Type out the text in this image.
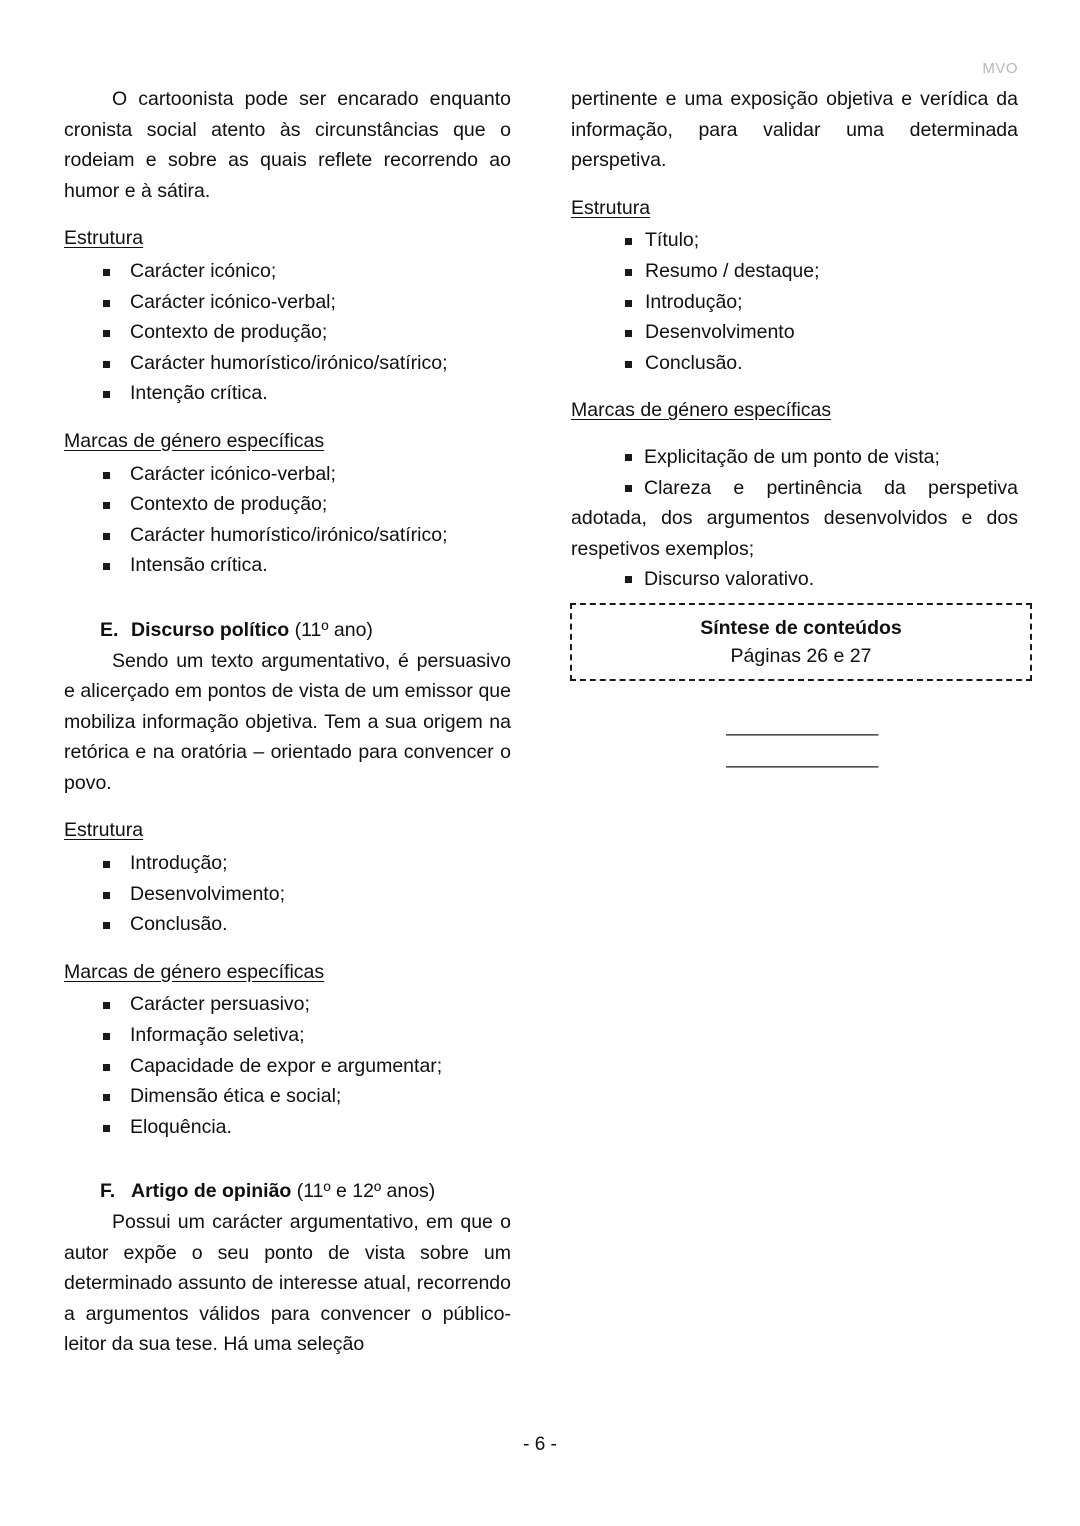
MVO

O cartoonista pode ser encarado enquanto cronista social atento às circunstâncias que o rodeiam e sobre as quais reflete recorrendo ao humor e à sátira.

Estrutura
Carácter icónico;
Carácter icónico-verbal;
Contexto de produção;
Carácter humorístico/irónico/satírico;
Intenção crítica.
Marcas de género específicas
Carácter icónico-verbal;
Contexto de produção;
Carácter humorístico/irónico/satírico;
Intensão crítica.

E. Discurso político (11º ano)

Sendo um texto argumentativo, é persuasivo e alicerçado em pontos de vista de um emissor que mobiliza informação objetiva. Tem a sua origem na retórica e na oratória – orientado para convencer o povo.

Estrutura
Introdução;
Desenvolvimento;
Conclusão.
Marcas de género específicas
Carácter persuasivo;
Informação seletiva;
Capacidade de expor e argumentar;
Dimensão ética e social;
Eloquência.

F. Artigo de opinião (11º e 12º anos)

Possui um carácter argumentativo, em que o autor expõe o seu ponto de vista sobre um determinado assunto de interesse atual, recorrendo a argumentos válidos para convencer o público-leitor da sua tese. Há uma seleção

pertinente e uma exposição objetiva e verídica da informação, para validar uma determinada perspetiva.

Estrutura
Título;
Resumo / destaque;
Introdução;
Desenvolvimento
Conclusão.
Marcas de género específicas

Explicitação de um ponto de vista;

Clareza e pertinência da perspetiva adotada, dos argumentos desenvolvidos e dos respetivos exemplos;

Discurso valorativo.

Síntese de conteúdos
Páginas 26 e 27
————————
————————
- 6 -
